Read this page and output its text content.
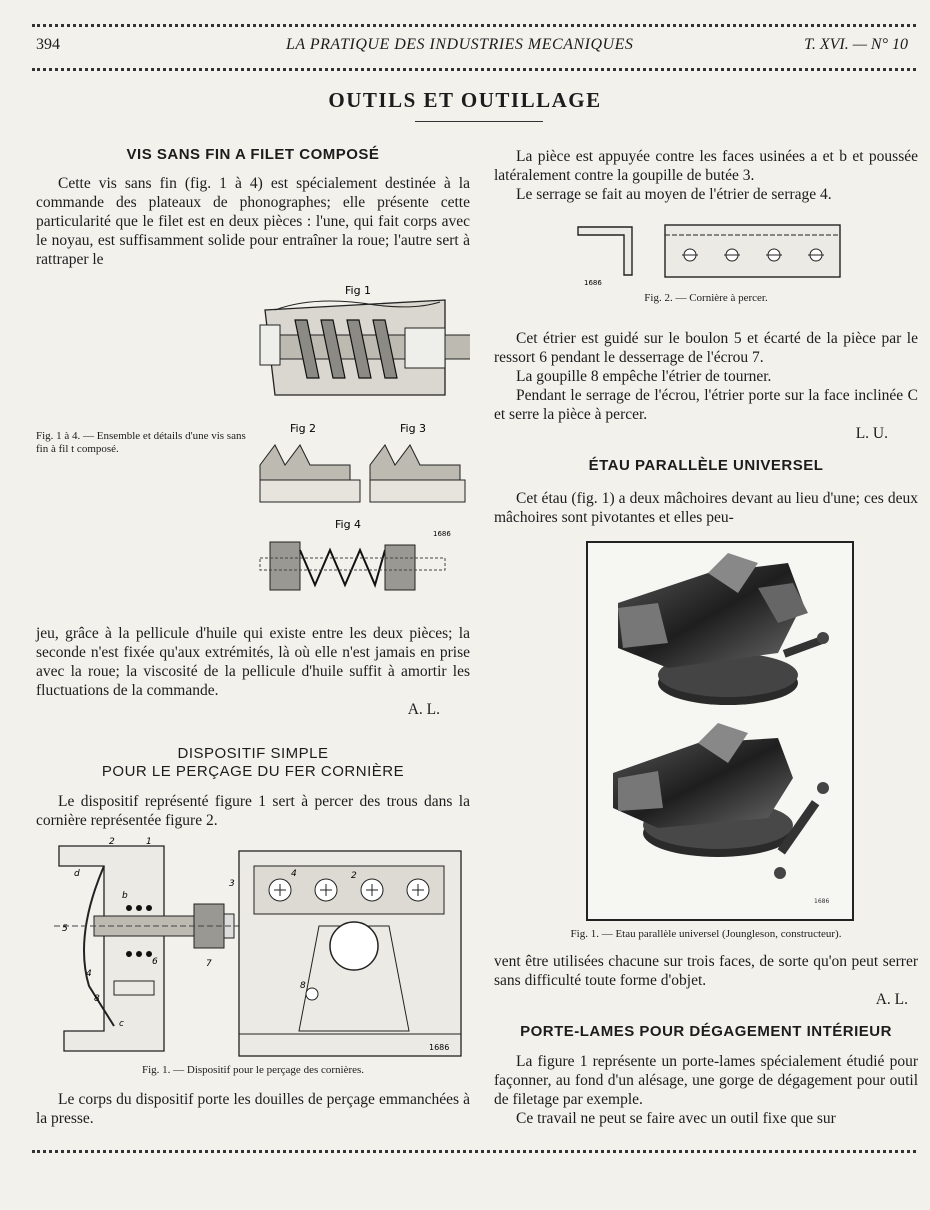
394	LA PRATIQUE DES INDUSTRIES MECANIQUES	T. XVI. — N° 10
OUTILS ET OUTILLAGE
VIS SANS FIN A FILET COMPOSÉ

Cette vis sans fin (fig. 1 à 4) est spécialement destinée à la commande des plateaux de phonographes; elle présente cette particularité que le filet est en deux pièces : l'une, qui fait corps avec le noyau, est suffisamment solide pour entraîner la roue; l'autre sert à rattraper le

Fig 1
Fig 2	Fig 3
Fig 4
1686
Fig. 1 à 4. — Ensemble et détails d'une vis sans fin à fil t composé.

jeu, grâce à la pellicule d'huile qui existe entre les deux pièces; la seconde n'est fixée qu'aux extrémités, là où elle n'est jamais en prise avec la roue; la viscosité de la pellicule d'huile suffit à amortir les fluctuations de la commande.

A. L.
DISPOSITIF SIMPLE
POUR LE PERÇAGE DU FER CORNIÈRE

Le dispositif représenté figure 1 sert à percer des trous dans la cornière représentée figure 2.

2	1
d
b
5
4
6	7
8
c
3
4	2
8
1686
Fig. 1. — Dispositif pour le perçage des cornières.

Le corps du dispositif porte les douilles de perçage emmanchées à la presse.

La pièce est appuyée contre les faces usinées a et b et poussée latéralement contre la goupille de butée 3.

Le serrage se fait au moyen de l'étrier de serrage 4.

1686
Fig. 2. — Cornière à percer.

Cet étrier est guidé sur le boulon 5 et écarté de la pièce par le ressort 6 pendant le desserrage de l'écrou 7.

La goupille 8 empêche l'étrier de tourner.

Pendant le serrage de l'écrou, l'étrier porte sur la face inclinée C et serre la pièce à percer.

L. U.
ÉTAU PARALLÈLE UNIVERSEL

Cet étau (fig. 1) a deux mâchoires devant au lieu d'une; ces deux mâchoires sont pivotantes et elles peu-

1686
Fig. 1. — Etau parallèle universel (Joungleson, constructeur).

vent être utilisées chacune sur trois faces, de sorte qu'on peut serrer sans difficulté toute forme d'objet.

A. L.
PORTE-LAMES POUR DÉGAGEMENT INTÉRIEUR

La figure 1 représente un porte-lames spécialement étudié pour façonner, au fond d'un alésage, une gorge de dégagement pour outil de filetage par exemple.

Ce travail ne peut se faire avec un outil fixe que sur
